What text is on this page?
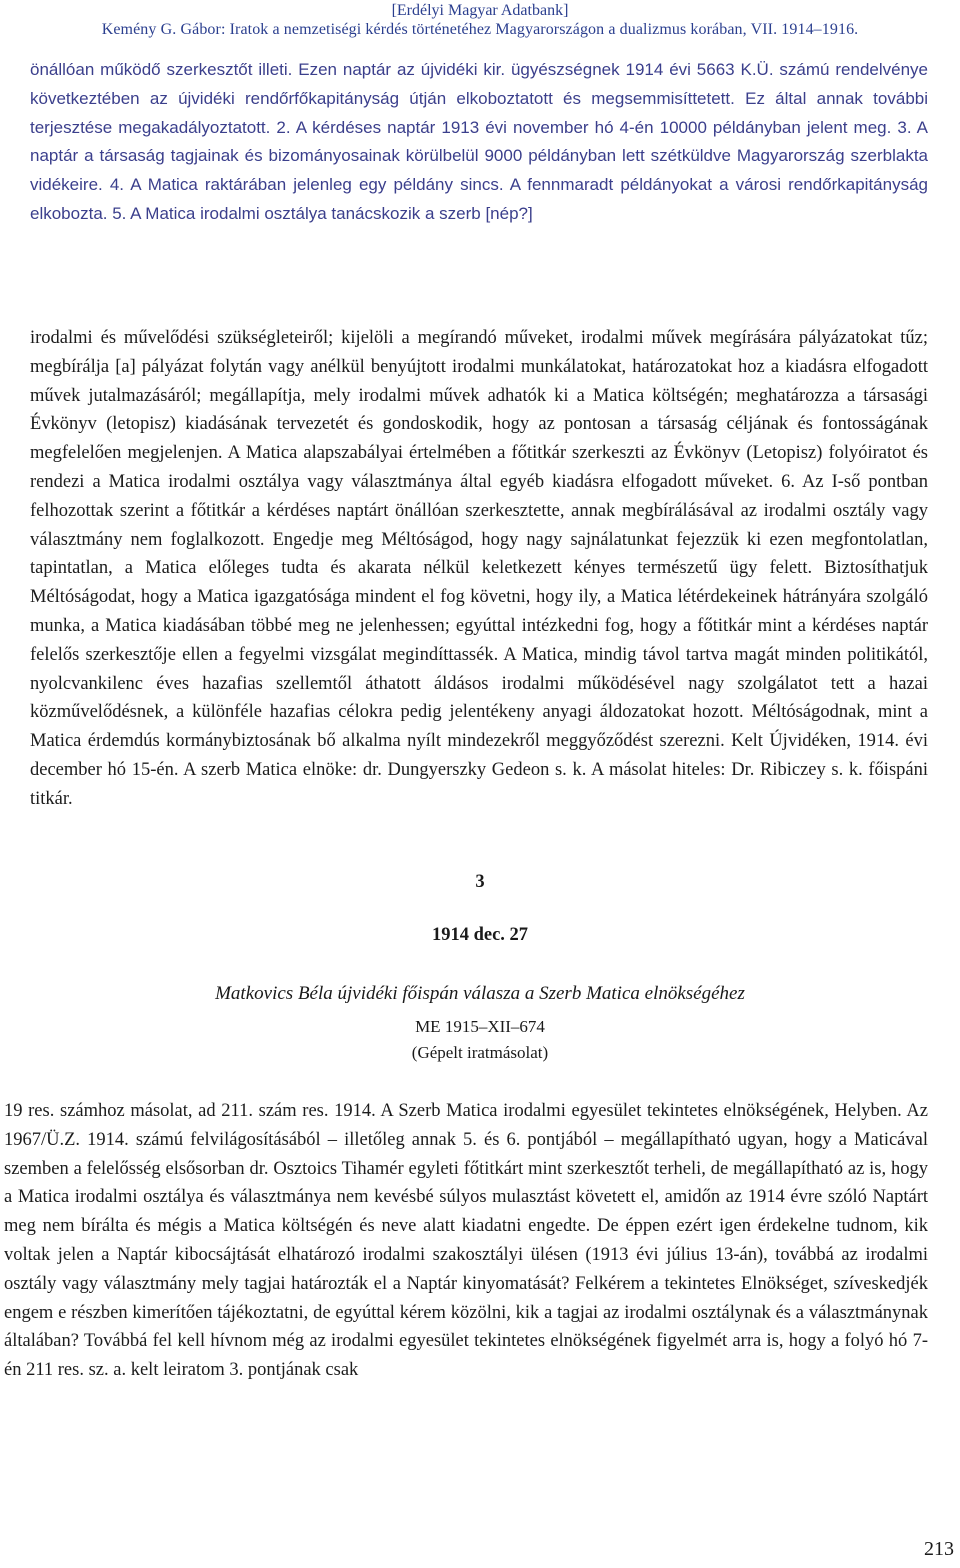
[Erdélyi Magyar Adatbank]
Kemény G. Gábor: Iratok a nemzetiségi kérdés történetéhez Magyarországon a dualizmus korában, VII. 1914–1916.
önállóan működő szerkesztőt illeti. Ezen naptár az újvidéki kir. ügyészségnek 1914 évi 5663 K.Ü. számú rendelvénye következtében az újvidéki rendőrfőkapitányság útján elkoboztatott és megsemmisíttetett. Ez által annak további terjesztése megakadályoztatott. 2. A kérdéses naptár 1913 évi november hó 4-én 10000 példányban jelent meg. 3. A naptár a társaság tagjainak és bizományosainak körülbelül 9000 példányban lett szétküldve Magyarország szerblakta vidékeire. 4. A Matica raktárában jelenleg egy példány sincs. A fennmaradt példányokat a városi rendőrkapitányság elkobozta. 5. A Matica irodalmi osztálya tanácskozik a szerb [nép?]
irodalmi és művelődési szükségleteiről; kijelöli a megírandó műveket, irodalmi művek megírására pályázatokat tűz; megbírálja [a] pályázat folytán vagy anélkül benyújtott irodalmi munkálatokat, határozatokat hoz a kiadásra elfogadott művek jutalmazásáról; megállapítja, mely irodalmi művek adhatók ki a Matica költségén; meghatározza a társasági Évkönyv (letopisz) kiadásának tervezetét és gondoskodik, hogy az pontosan a társaság céljának és fontosságának megfelelően megjelenjen. A Matica alapszabályai értelmében a főtitkár szerkeszti az Évkönyv (Letopisz) folyóiratot és rendezi a Matica irodalmi osztálya vagy választmánya által egyéb kiadásra elfogadott műveket. 6. Az I-ső pontban felhozottak szerint a főtitkár a kérdéses naptárt önállóan szerkesztette, annak megbírálásával az irodalmi osztály vagy választmány nem foglalkozott. Engedje meg Méltóságod, hogy nagy sajnálatunkat fejezzük ki ezen megfontolatlan, tapintatlan, a Matica előleges tudta és akarata nélkül keletkezett kényes természetű ügy felett. Biztosíthatjuk Méltóságodat, hogy a Matica igazgatósága mindent el fog követni, hogy ily, a Matica létérdekeinek hátrányára szolgáló munka, a Matica kiadásában többé meg ne jelenhessen; egyúttal intézkedni fog, hogy a főtitkár mint a kérdéses naptár felelős szerkesztője ellen a fegyelmi vizsgálat megindíttassék. A Matica, mindig távol tartva magát minden politikától, nyolcvankilenc éves hazafias szellemtől áthatott áldásos irodalmi működésével nagy szolgálatot tett a hazai közművelődésnek, a különféle hazafias célokra pedig jelentékeny anyagi áldozatokat hozott. Méltóságodnak, mint a Matica érdemdús kormánybiztosának bő alkalma nyílt mindezekről meggyőződést szerezni. Kelt Újvidéken, 1914. évi december hó 15-én. A szerb Matica elnöke: dr. Dungyerszky Gedeon s. k. A másolat hiteles: Dr. Ribiczey s. k. főispáni titkár.
3
1914 dec. 27
Matkovics Béla újvidéki főispán válasza a Szerb Matica elnökségéhez
ME 1915–XII–674
(Gépelt iratmásolat)
19 res. számhoz másolat, ad 211. szám res. 1914. A Szerb Matica irodalmi egyesület tekintetes elnökségének, Helyben. Az 1967/Ü.Z. 1914. számú felvilágosításából – illetőleg annak 5. és 6. pontjából – megállapítható ugyan, hogy a Maticával szemben a felelősség elsősorban dr. Osztoics Tihamér egyleti főtitkárt mint szerkesztőt terheli, de megállapítható az is, hogy a Matica irodalmi osztálya és választmánya nem kevésbé súlyos mulasztást követett el, amidőn az 1914 évre szóló Naptárt meg nem bírálta és mégis a Matica költségén és neve alatt kiadatni engedte. De éppen ezért igen érdekelne tudnom, kik voltak jelen a Naptár kibocsájtását elhatározó irodalmi szakosztályi ülésen (1913 évi július 13-án), továbbá az irodalmi osztály vagy választmány mely tagjai határozták el a Naptár kinyomatását? Felkérem a tekintetes Elnökséget, szíveskedjék engem e részben kimerítően tájékoztatni, de egyúttal kérem közölni, kik a tagjai az irodalmi osztálynak és a választmánynak általában? Továbbá fel kell hívnom még az irodalmi egyesület tekintetes elnökségének figyelmét arra is, hogy a folyó hó 7-én 211 res. sz. a. kelt leiratom 3. pontjának csak
213
